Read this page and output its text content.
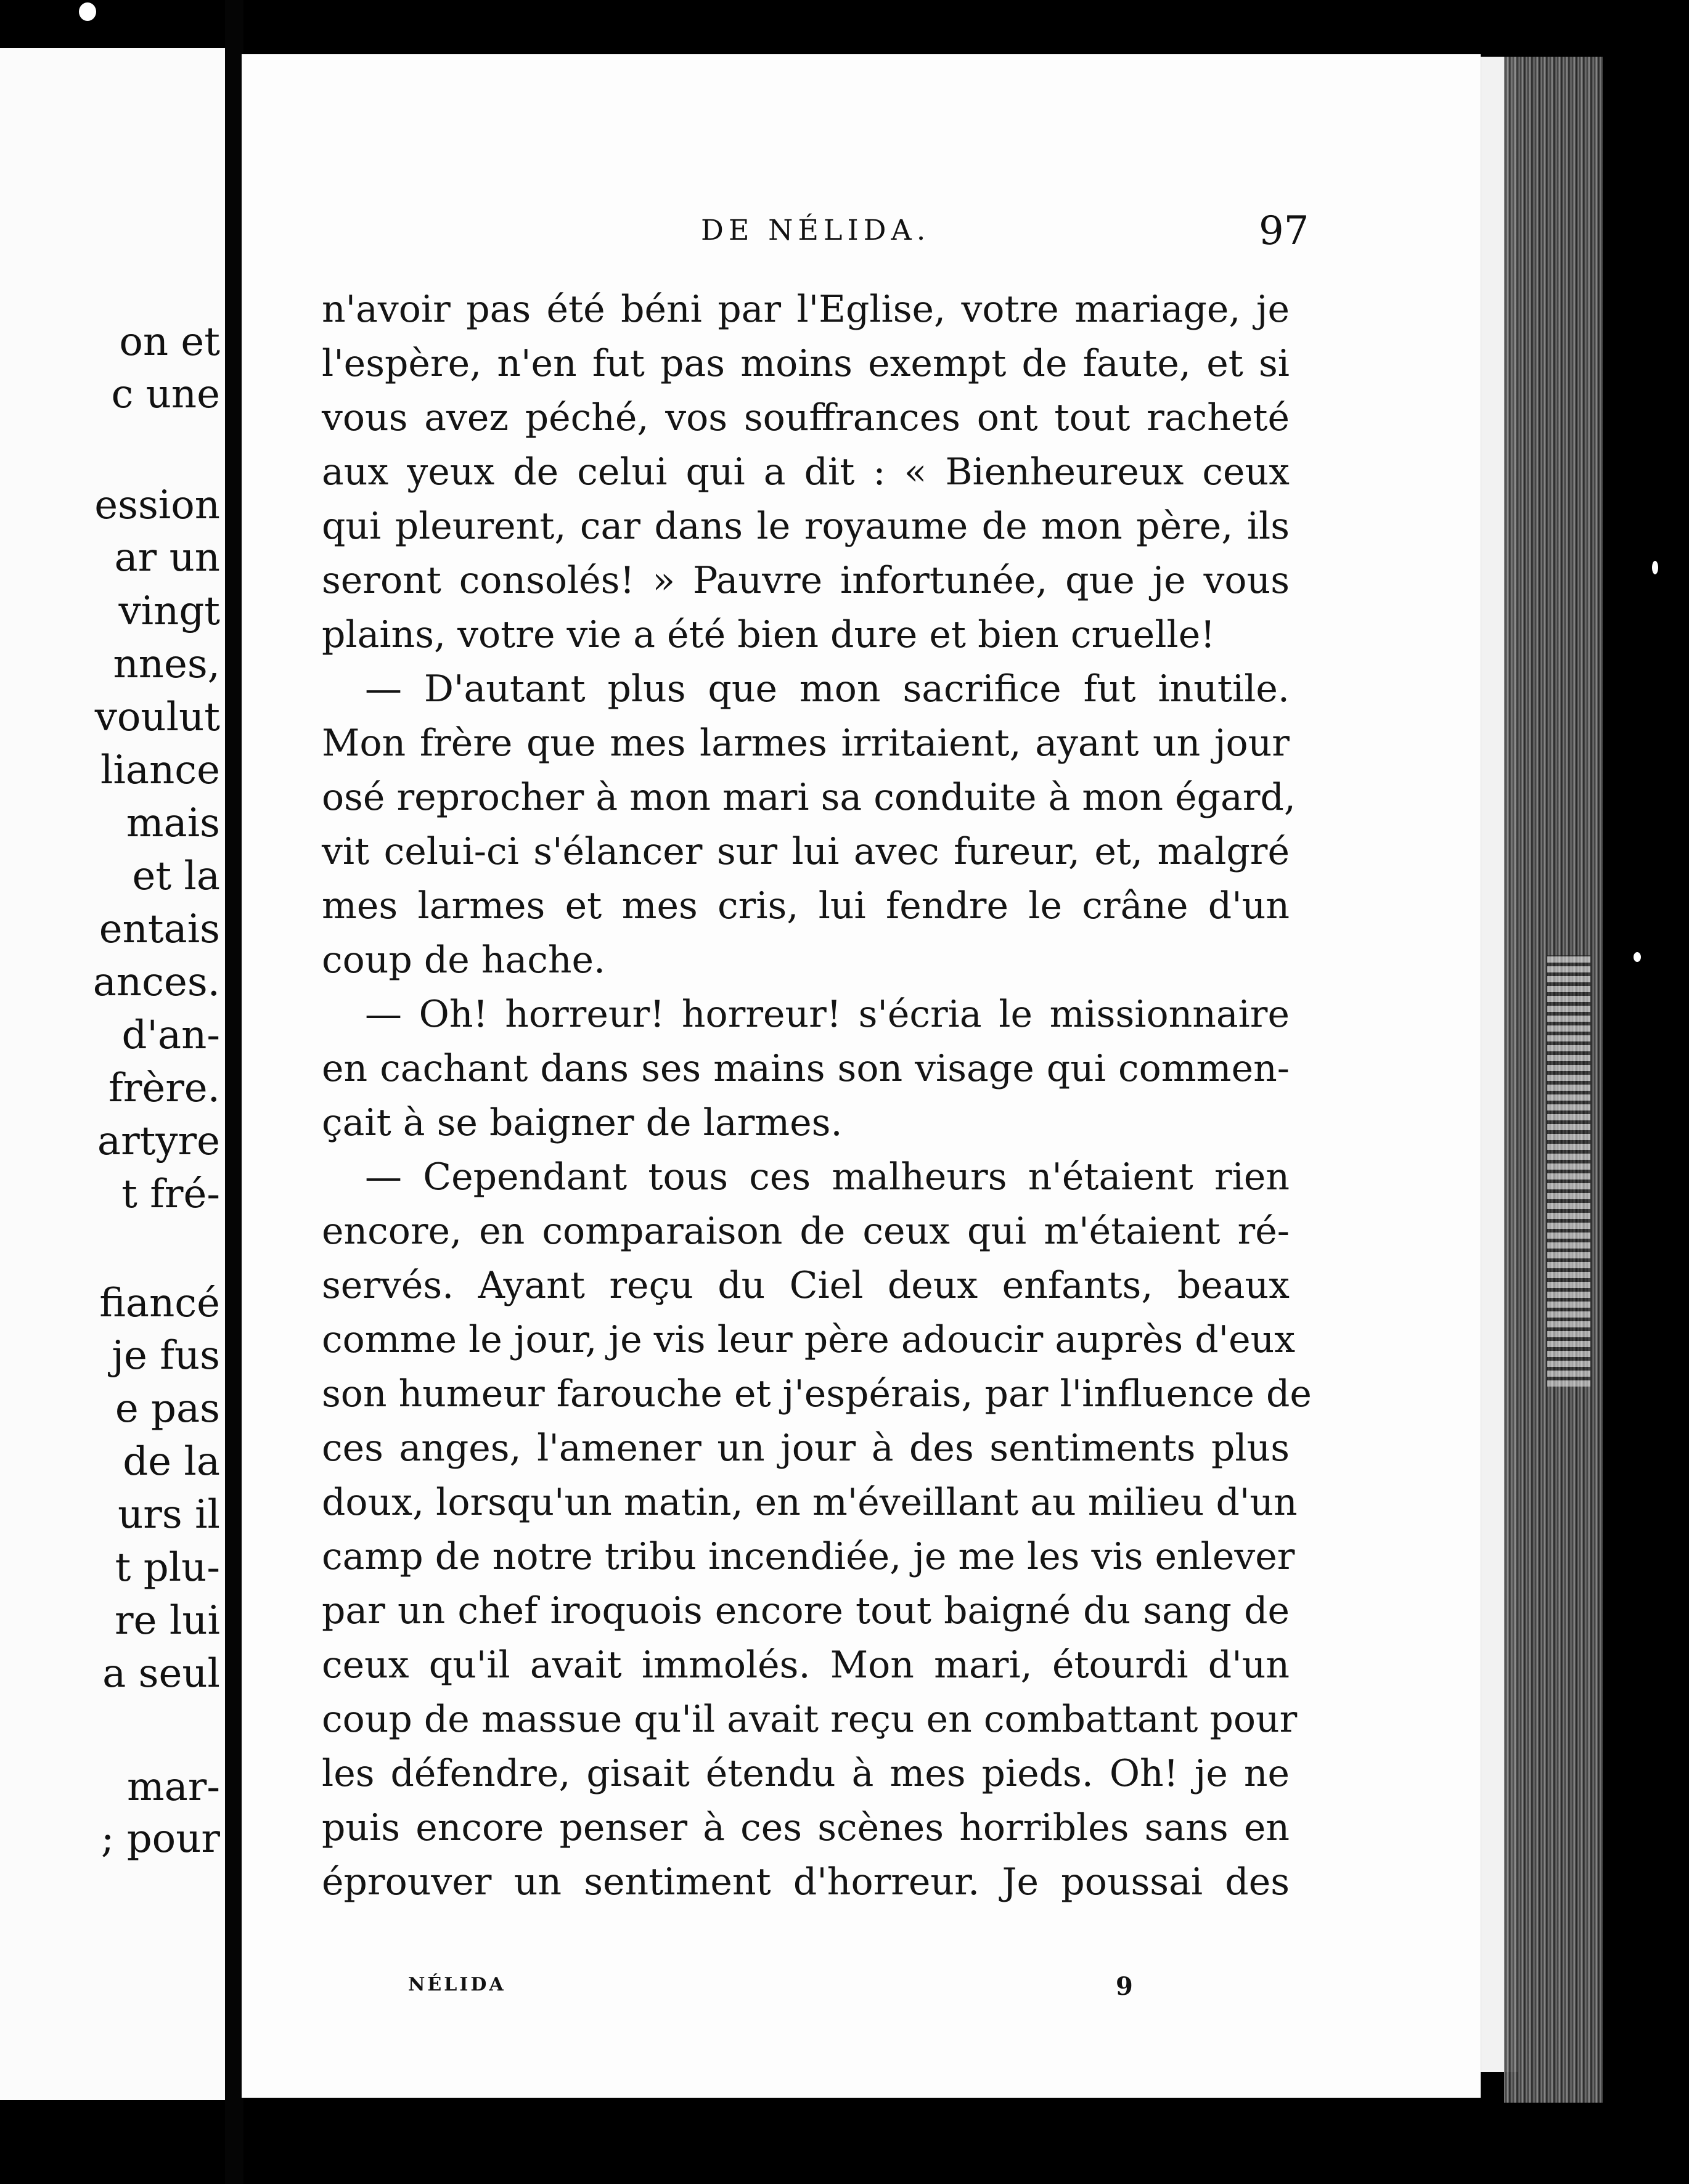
on et
c une
ession
ar un
vingt
nnes,
voulut
liance
mais
et la
entais
ances.
d'an-
frère.
artyre
t fré-
fiancé
je fus
e pas
de la
urs il
t plu-
re lui
a seul
mar-
; pour
DE NÉLIDA.	97
n'avoir pas été béni par l'Eglise, votre mariage, je
l'espère, n'en fut pas moins exempt de faute, et si
vous avez péché, vos souffrances ont tout racheté
aux yeux de celui qui a dit : « Bienheureux ceux
qui pleurent, car dans le royaume de mon père, ils
seront consolés! » Pauvre infortunée, que je vous
plains, votre vie a été bien dure et bien cruelle!
— D'autant plus que mon sacrifice fut inutile.
Mon frère que mes larmes irritaient, ayant un jour
osé reprocher à mon mari sa conduite à mon égard,
vit celui-ci s'élancer sur lui avec fureur, et, malgré
mes larmes et mes cris, lui fendre le crâne d'un
coup de hache.
— Oh! horreur! horreur! s'écria le missionnaire
en cachant dans ses mains son visage qui commen-
çait à se baigner de larmes.
— Cependant tous ces malheurs n'étaient rien
encore, en comparaison de ceux qui m'étaient ré-
servés. Ayant reçu du Ciel deux enfants, beaux
comme le jour, je vis leur père adoucir auprès d'eux
son humeur farouche et j'espérais, par l'influence de
ces anges, l'amener un jour à des sentiments plus
doux, lorsqu'un matin, en m'éveillant au milieu d'un
camp de notre tribu incendiée, je me les vis enlever
par un chef iroquois encore tout baigné du sang de
ceux qu'il avait immolés. Mon mari, étourdi d'un
coup de massue qu'il avait reçu en combattant pour
les défendre, gisait étendu à mes pieds. Oh! je ne
puis encore penser à ces scènes horribles sans en
éprouver un sentiment d'horreur. Je poussai des
NÉLIDA	9
